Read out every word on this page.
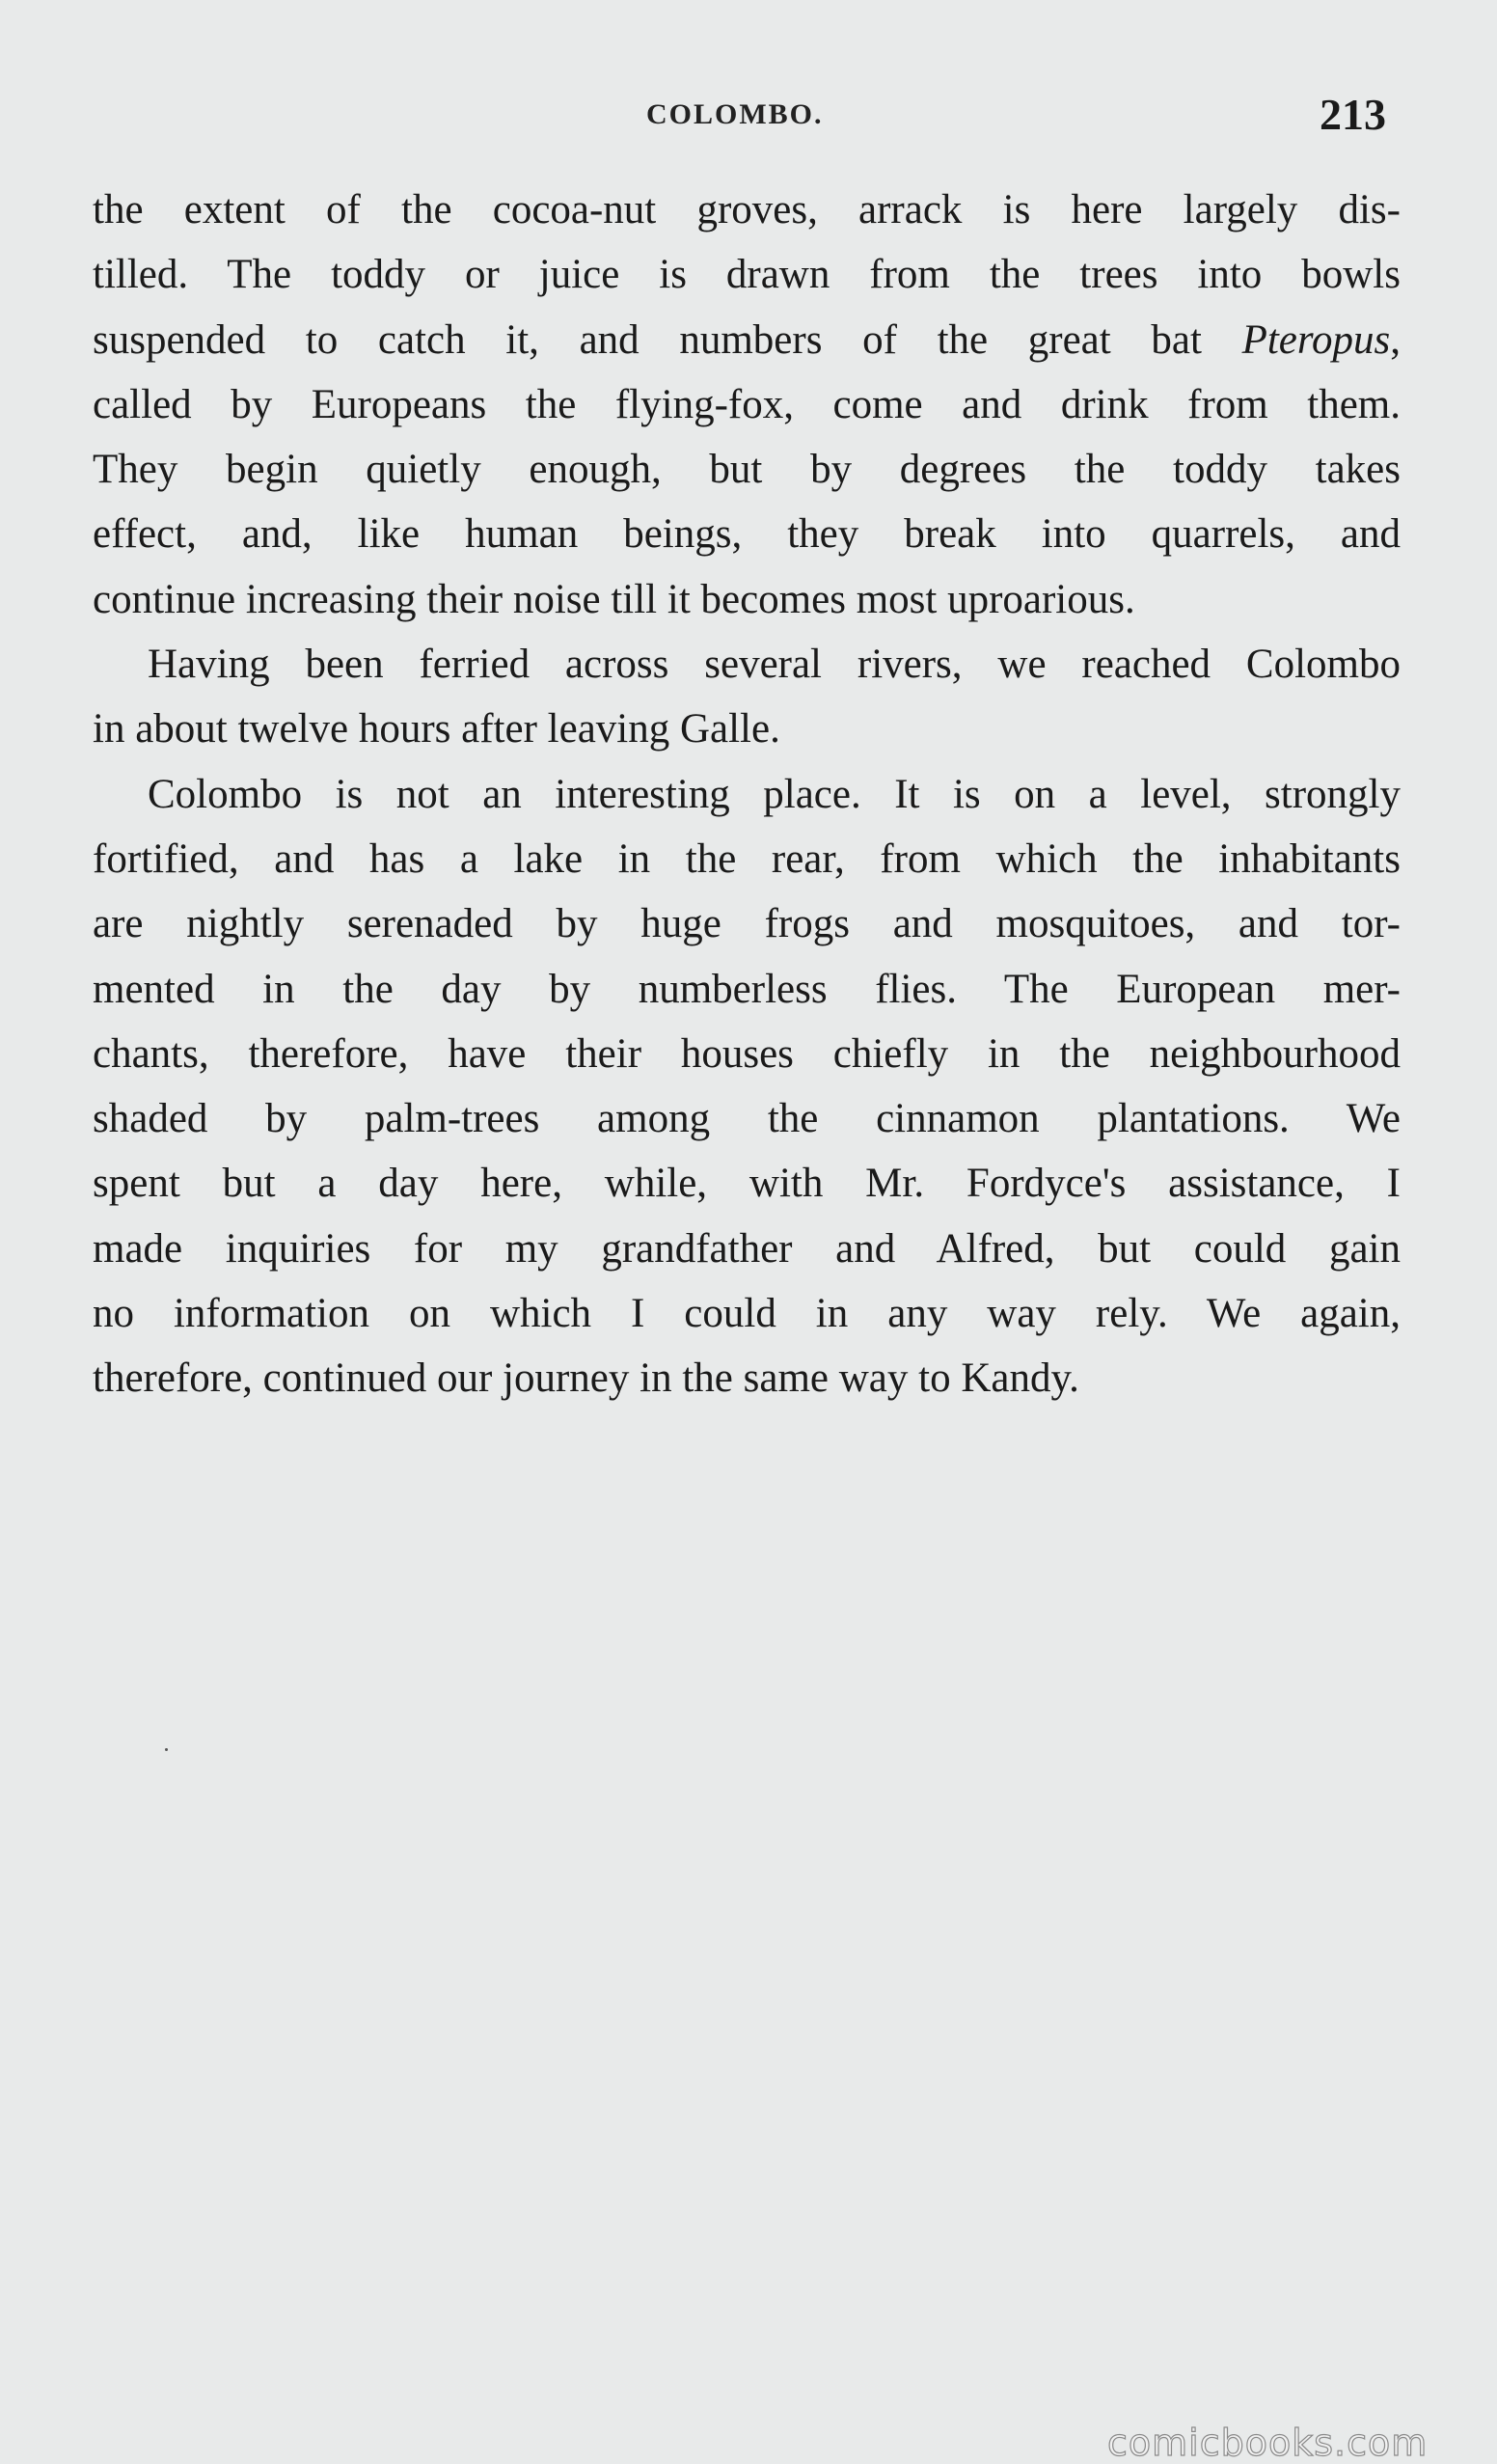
COLOMBO.	213
the extent of the cocoa-nut groves, arrack is here largely dis-
tilled. The toddy or juice is drawn from the trees into bowls
suspended to catch it, and numbers of the great bat Pteropus,
called by Europeans the flying-fox, come and drink from them.
They begin quietly enough, but by degrees the toddy takes
effect, and, like human beings, they break into quarrels, and
continue increasing their noise till it becomes most uproarious.
Having been ferried across several rivers, we reached Colombo
in about twelve hours after leaving Galle.
Colombo is not an interesting place. It is on a level, strongly
fortified, and has a lake in the rear, from which the inhabitants
are nightly serenaded by huge frogs and mosquitoes, and tor-
mented in the day by numberless flies. The European mer-
chants, therefore, have their houses chiefly in the neighbourhood
shaded by palm-trees among the cinnamon plantations. We
spent but a day here, while, with Mr. Fordyce's assistance, I
made inquiries for my grandfather and Alfred, but could gain
no information on which I could in any way rely. We again,
therefore, continued our journey in the same way to Kandy.
comicbooks.com
